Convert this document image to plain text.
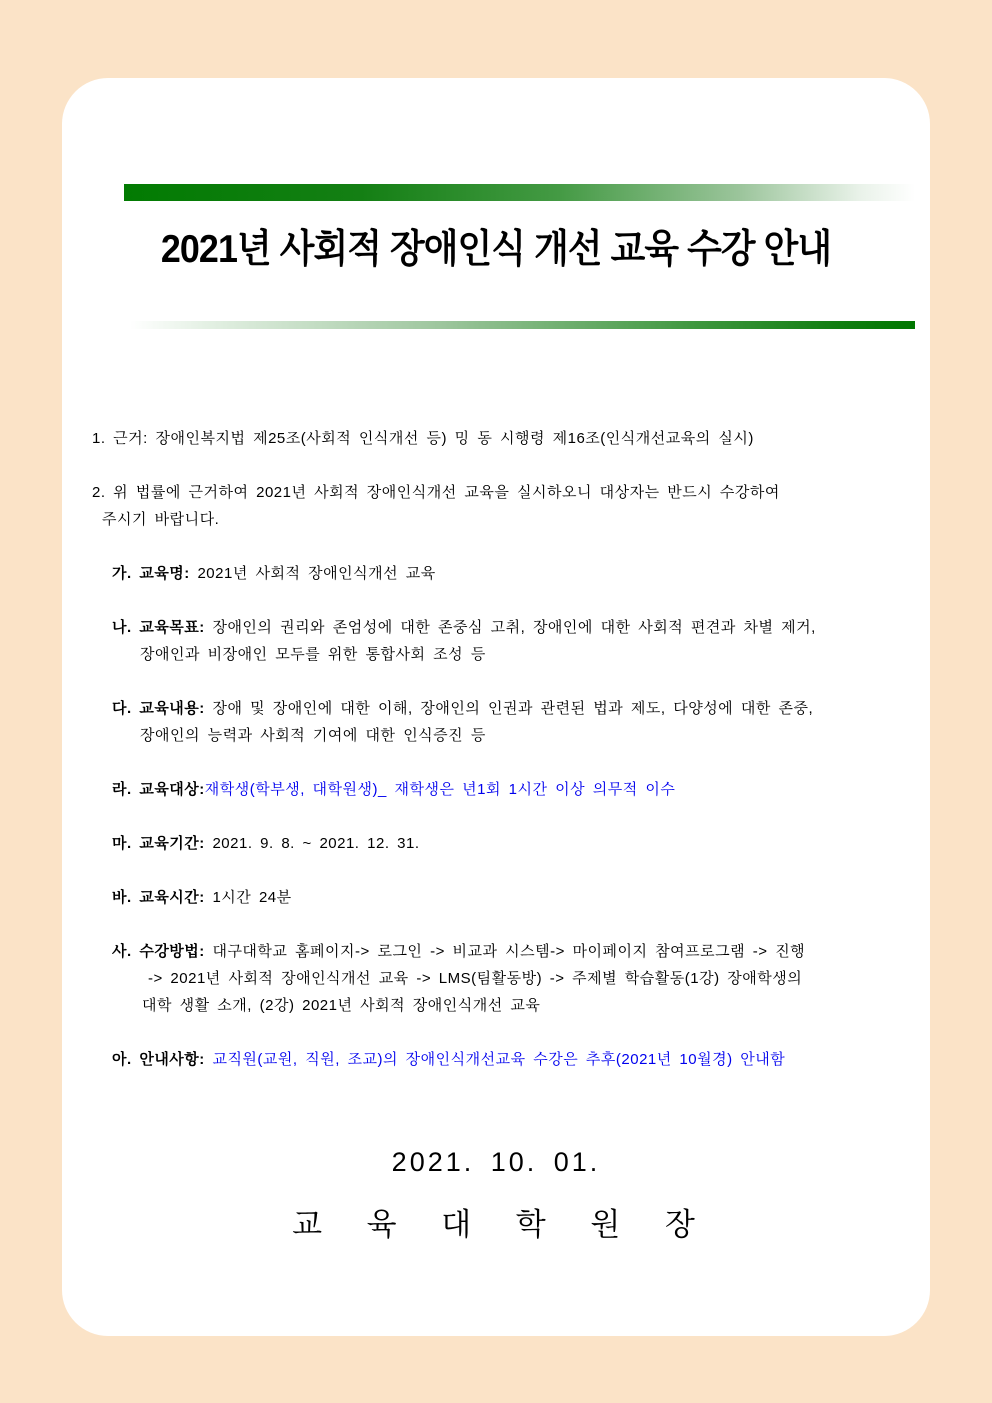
2021년 사회적 장애인식 개선 교육 수강 안내
1. 근거: 장애인복지법 제25조(사회적 인식개선 등) 밍 동 시행령 제16조(인식개선교육의 실시)
2. 위 법률에 근거하여 2021년 사회적 장애인식개선 교육을 실시하오니 대상자는 반드시 수강하여
주시기 바랍니다.
가. 교육명: 2021년 사회적 장애인식개선 교육
나. 교육목표: 장애인의 권리와 존엄성에 대한 존중심 고취, 장애인에 대한 사회적 편견과 차별 제거,
장애인과 비장애인 모두를 위한 통합사회 조성 등
다. 교육내용: 장애 및 장애인에 대한 이해, 장애인의 인권과 관련된 법과 제도, 다양성에 대한 존중,
장애인의 능력과 사회적 기여에 대한 인식증진 등
라. 교육대상:재학생(학부생, 대학원생)_ 재학생은 년1회 1시간 이상 의무적 이수
마. 교육기간: 2021. 9. 8. ~ 2021. 12. 31.
바. 교육시간: 1시간 24분
사. 수강방법: 대구대학교 홈페이지-> 로그인 -> 비교과 시스템-> 마이페이지 참여프로그램 -> 진행
-> 2021년 사회적 장애인식개선 교육 -> LMS(팀활동방) -> 주제별 학습활동(1강) 장애학생의
대학 생활 소개, (2강) 2021년 사회적 장애인식개선 교육
아. 안내사항: 교직원(교원, 직원, 조교)의 장애인식개선교육 수강은 추후(2021년 10월경) 안내함
2021. 10. 01.
교 육 대 학 원 장
